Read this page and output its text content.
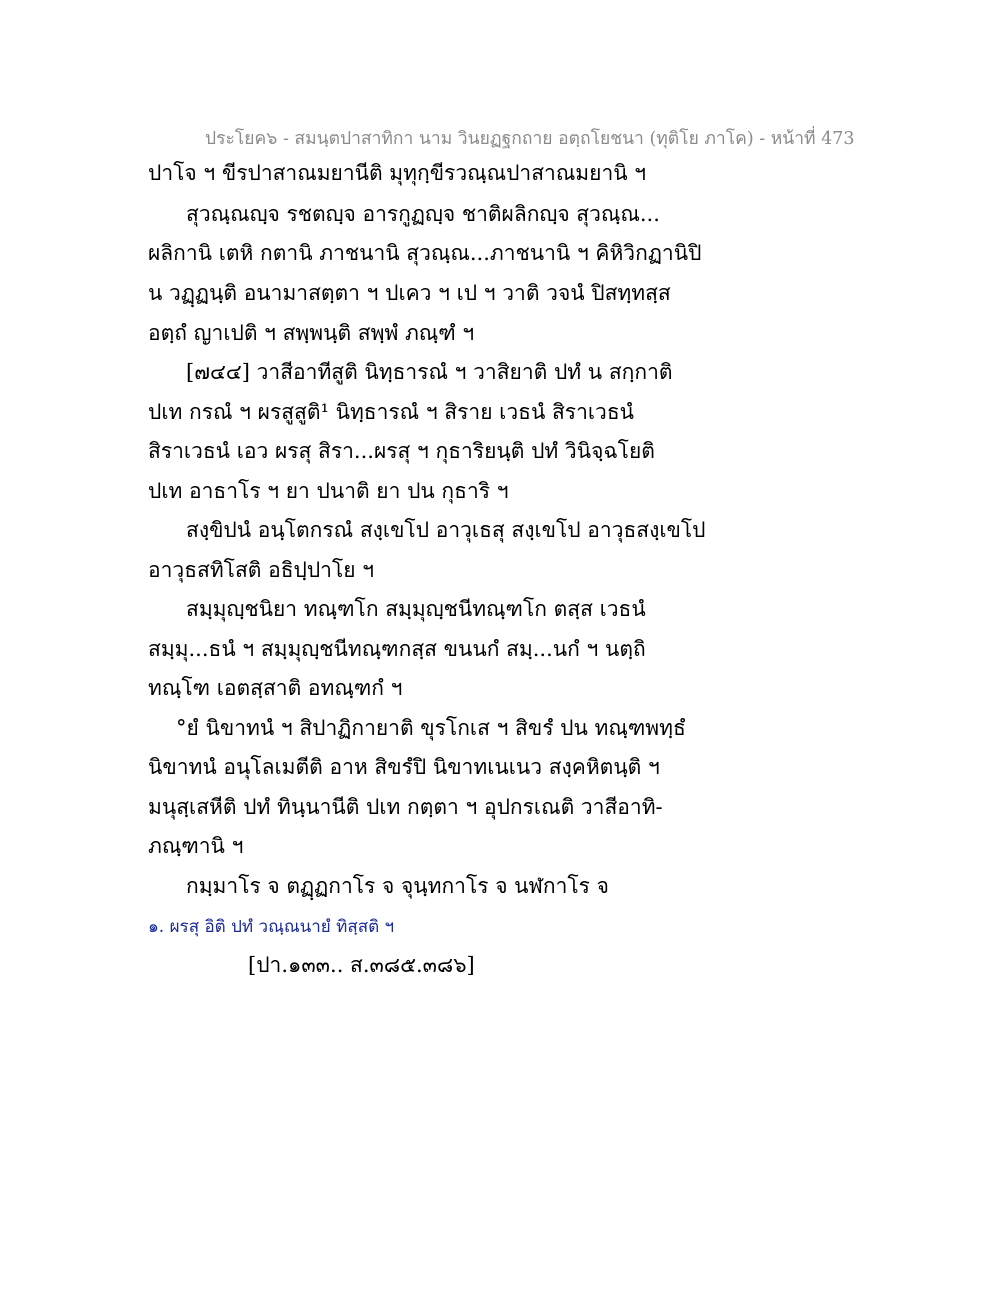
ประโยค๖ - สมนฺตปาสาทิกา นาม วินยฏฐกถาย อตฺถโยชนา (ทุติโย ภาโค) - หน้าที่ 473
ปาโจ ฯ ขีรปาสาณมยานีติ มุทุกฺขีรวณฺณปาสาณมยานิ ฯ
สุวณฺณญฺจ รชตญฺจ อารกูฏญฺจ ชาติผลิกญฺจ สุวณฺณ...
ผลิกานิ เตหิ กตานิ ภาชนานิ สุวณฺณ...ภาชนานิ ฯ คิหิวิกฏานิปิ
น วฏฺฏนฺติ อนามาสตฺตา ฯ ปเคว ฯ เป ฯ วาติ วจนํ ปิสทฺทสฺส
อตฺถํ ญาเปติ ฯ สพฺพนฺติ สพฺพํ ภณฺฑํ ฯ
[๗๔๔] วาสีอาทีสูติ นิทฺธารณํ ฯ วาสิยาติ ปทํ น สกฺกาติ
ปเท กรณํ ฯ ผรสูสูติ¹ นิทฺธารณํ ฯ สิราย เวธนํ สิราเวธนํ
สิราเวธนํ เอว ผรสุ สิรา...ผรสุ ฯ กุธาริยนฺติ ปทํ วินิจฺฉโยติ
ปเท อาธาโร ฯ ยา ปนาติ ยา ปน กุธาริ ฯ
สงฺขิปนํ อนฺโตกรณํ สงฺเขโป อาวุเธสุ สงฺเขโป อาวุธสงฺเขโป
อาวุธสทิโสติ อธิปฺปาโย ฯ
สมฺมุญฺชนิยา ทณฺฑโก สมฺมุญฺชนีทณฺฑโก ตสฺส เวธนํ
สมฺมุ...ธนํ ฯ สมฺมุญฺชนีทณฺฑกสฺส ขนนกํ สมฺ...นกํ ฯ นตฺถิ
ทณฺโฑ เอตสฺสาติ อทณฺฑกํ ฯ
°ยํ นิขาทนํ ฯ สิปาฏิกายาติ ขุรโกเส ฯ สิขรํ ปน ทณฺฑพทฺธํ
นิขาทนํ อนุโลเมตีติ อาห สิขรํปิ นิขาทเนเนว สงฺคหิตนฺติ ฯ
มนุสฺเสหีติ ปทํ ทินฺนานีติ ปเท กตฺตา ฯ อุปกรเณติ วาสีอาทิ-
ภณฺฑานิ ฯ
กมฺมาโร จ ตฏฺฏกาโร จ จุนฺทกาโร จ นฬกาโร จ
๑. ผรสุ อิติ ปทํ วณฺณนายํ ทิสฺสติ ฯ
[ปา.๑๓๓.. ส.๓๘๕.๓๘๖]
